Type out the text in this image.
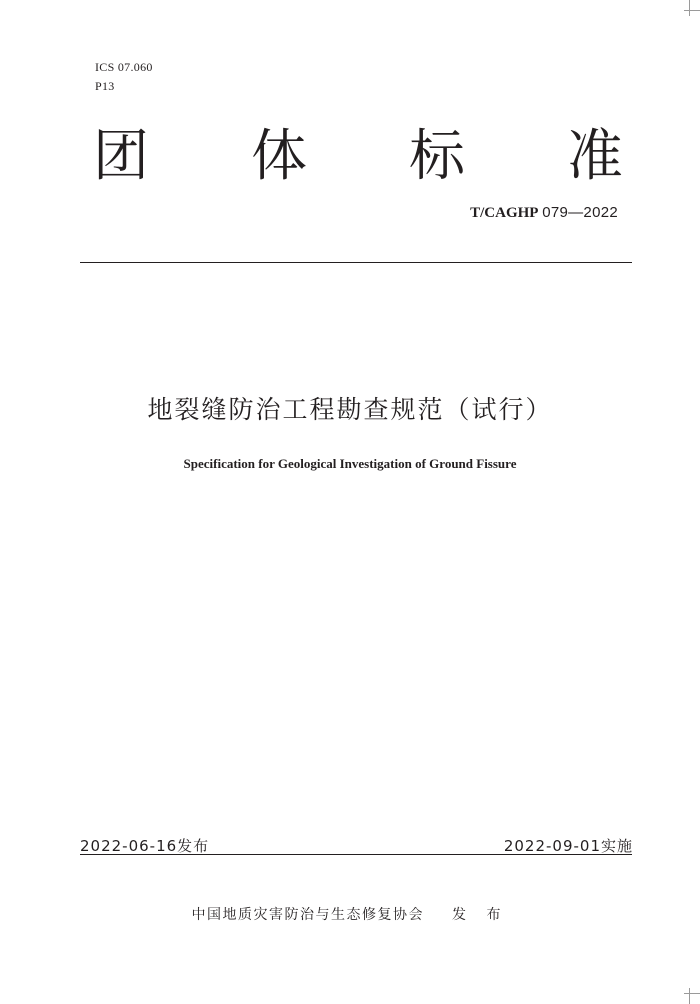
ICS 07.060
P13
团 体 标 准
T/CAGHP 079—2022
地裂缝防治工程勘查规范（试行）
Specification for Geological Investigation of Ground Fissure
2022-06-16发布	2022-09-01实施
中国地质灾害防治与生态修复协会 发 布
